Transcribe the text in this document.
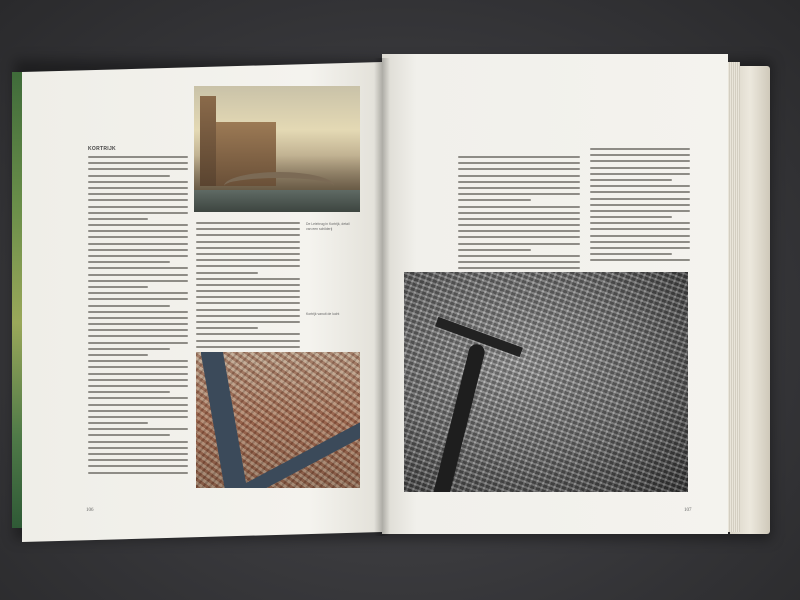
KORTRIJK
De Leiebrug in Kortrijk, detail van een schilderij
Kortrijk vanuit de lucht
106	107
